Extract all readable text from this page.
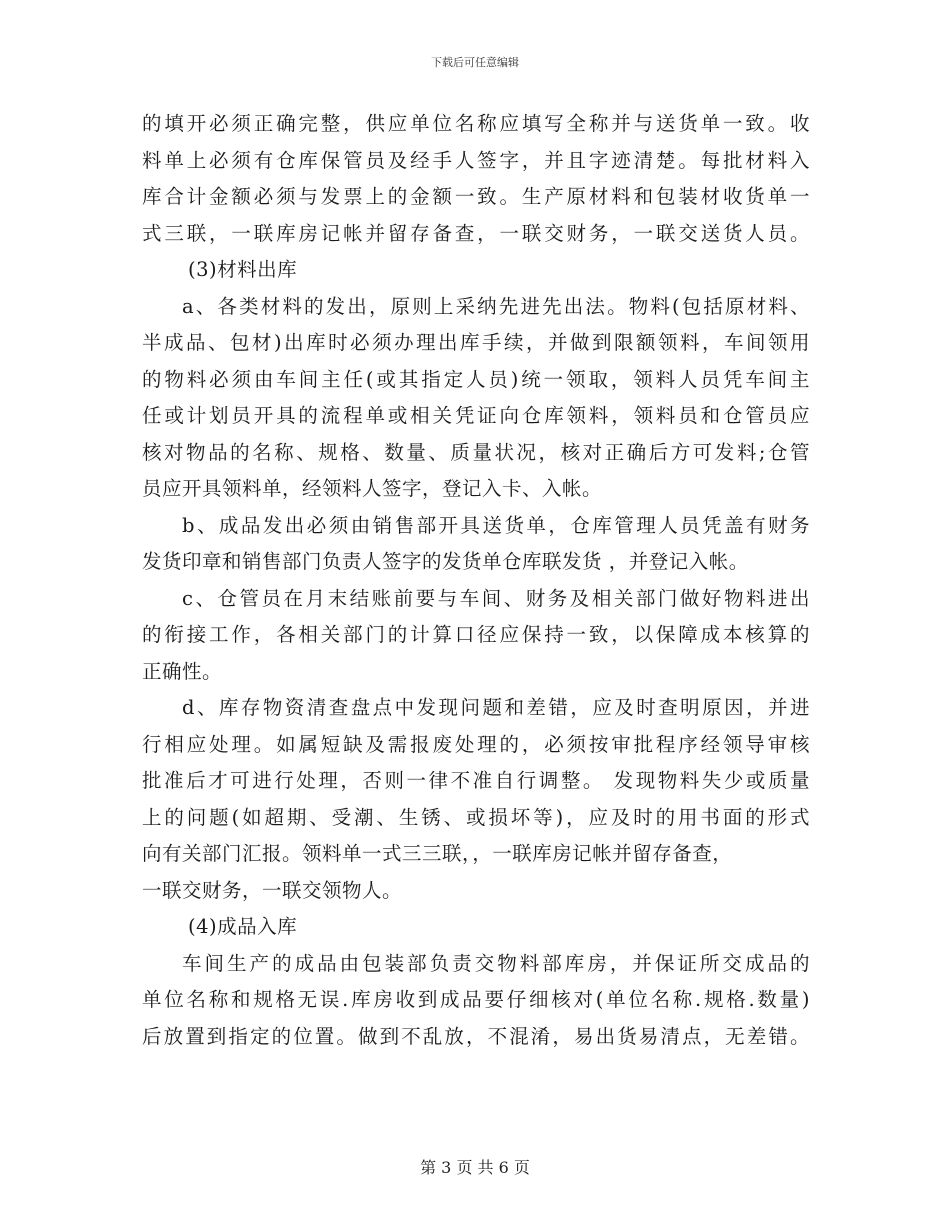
下载后可任意编辑
的填开必须正确完整，供应单位名称应填写全称并与送货单一致。收
料单上必须有仓库保管员及经手人签字，并且字迹清楚。每批材料入
库合计金额必须与发票上的金额一致。生产原材料和包装材收货单一
式三联，一联库房记帐并留存备查，一联交财务，一联交送货人员。
(3)材料出库
a、各类材料的发出，原则上采纳先进先出法。物料(包括原材料、
半成品、包材)出库时必须办理出库手续，并做到限额领料，车间领用
的物料必须由车间主任(或其指定人员)统一领取，领料人员凭车间主
任或计划员开具的流程单或相关凭证向仓库领料，领料员和仓管员应
核对物品的名称、规格、数量、质量状况，核对正确后方可发料;仓管
员应开具领料单，经领料人签字，登记入卡、入帐。
b、成品发出必须由销售部开具送货单，仓库管理人员凭盖有财务
发货印章和销售部门负责人签字的发货单仓库联发货 ，并登记入帐。
c、仓管员在月末结账前要与车间、财务及相关部门做好物料进出
的衔接工作，各相关部门的计算口径应保持一致，以保障成本核算的
正确性。
d、库存物资清查盘点中发现问题和差错，应及时查明原因，并进
行相应处理。如属短缺及需报废处理的，必须按审批程序经领导审核
批准后才可进行处理，否则一律不准自行调整。 发现物料失少或质量
上的问题(如超期、受潮、生锈、或损坏等)，应及时的用书面的形式
向有关部门汇报。领料单一式三三联，，一联库房记帐并留存备查，
一联交财务，一联交领物人。
(4)成品入库
车间生产的成品由包装部负责交物料部库房，并保证所交成品的
单位名称和规格无误.库房收到成品要仔细核对(单位名称.规格.数量)
后放置到指定的位置。做到不乱放，不混淆，易出货易清点，无差错。
第 3 页 共 6 页
